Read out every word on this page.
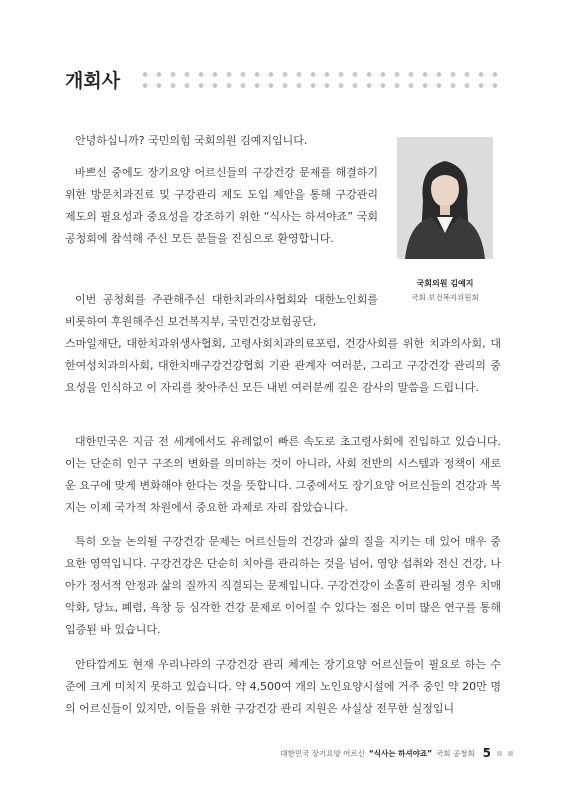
개회사
국회의원 김예지
국회 보건복지위원회

안녕하십니까? 국민의힘 국회의원 김예지입니다.

바쁘신 중에도 장기요양 어르신들의 구강건강 문제를 해결하기 위한 방문치과진료 및 구강관리 제도 도입 제안을 통해 구강관리 제도의 필요성과 중요성을 강조하기 위한 “식사는 하셔야죠” 국회 공청회에 참석해 주신 모든 분들을 진심으로 환영합니다.

이번 공청회를 주관해주신 대한치과의사협회와 대한노인회를 비롯하여 후원해주신 보건복지부, 국민건강보험공단,

스마일재단, 대한치과위생사협회, 고령사회치과의료포럼, 건강사회를 위한 치과의사회, 대한여성치과의사회, 대한치매구강건강협회 기관 관계자 여러분, 그리고 구강건강 관리의 중요성을 인식하고 이 자리를 찾아주신 모든 내빈 여러분께 깊은 감사의 말씀을 드립니다.

대한민국은 지금 전 세계에서도 유례없이 빠른 속도로 초고령사회에 진입하고 있습니다. 이는 단순히 인구 구조의 변화를 의미하는 것이 아니라, 사회 전반의 시스템과 정책이 새로운 요구에 맞게 변화해야 한다는 것을 뜻합니다. 그중에서도 장기요양 어르신들의 건강과 복지는 이제 국가적 차원에서 중요한 과제로 자리 잡았습니다.

특히 오늘 논의될 구강건강 문제는 어르신들의 건강과 삶의 질을 지키는 데 있어 매우 중요한 영역입니다. 구강건강은 단순히 치아를 관리하는 것을 넘어, 영양 섭취와 전신 건강, 나아가 정서적 안정과 삶의 질까지 직결되는 문제입니다. 구강건강이 소홀히 관리될 경우 치매 악화, 당뇨, 폐렴, 욕창 등 심각한 건강 문제로 이어질 수 있다는 점은 이미 많은 연구를 통해 입증된 바 있습니다.

안타깝게도 현재 우리나라의 구강건강 관리 체계는 장기요양 어르신들이 필요로 하는 수준에 크게 미치지 못하고 있습니다. 약 4,500여 개의 노인요양시설에 거주 중인 약 20만 명의 어르신들이 있지만, 이들을 위한 구강건강 관리 지원은 사실상 전무한 실정입니

대한민국 장기요양 어르신 “식사는 하셔야죠” 국회 공청회 5
